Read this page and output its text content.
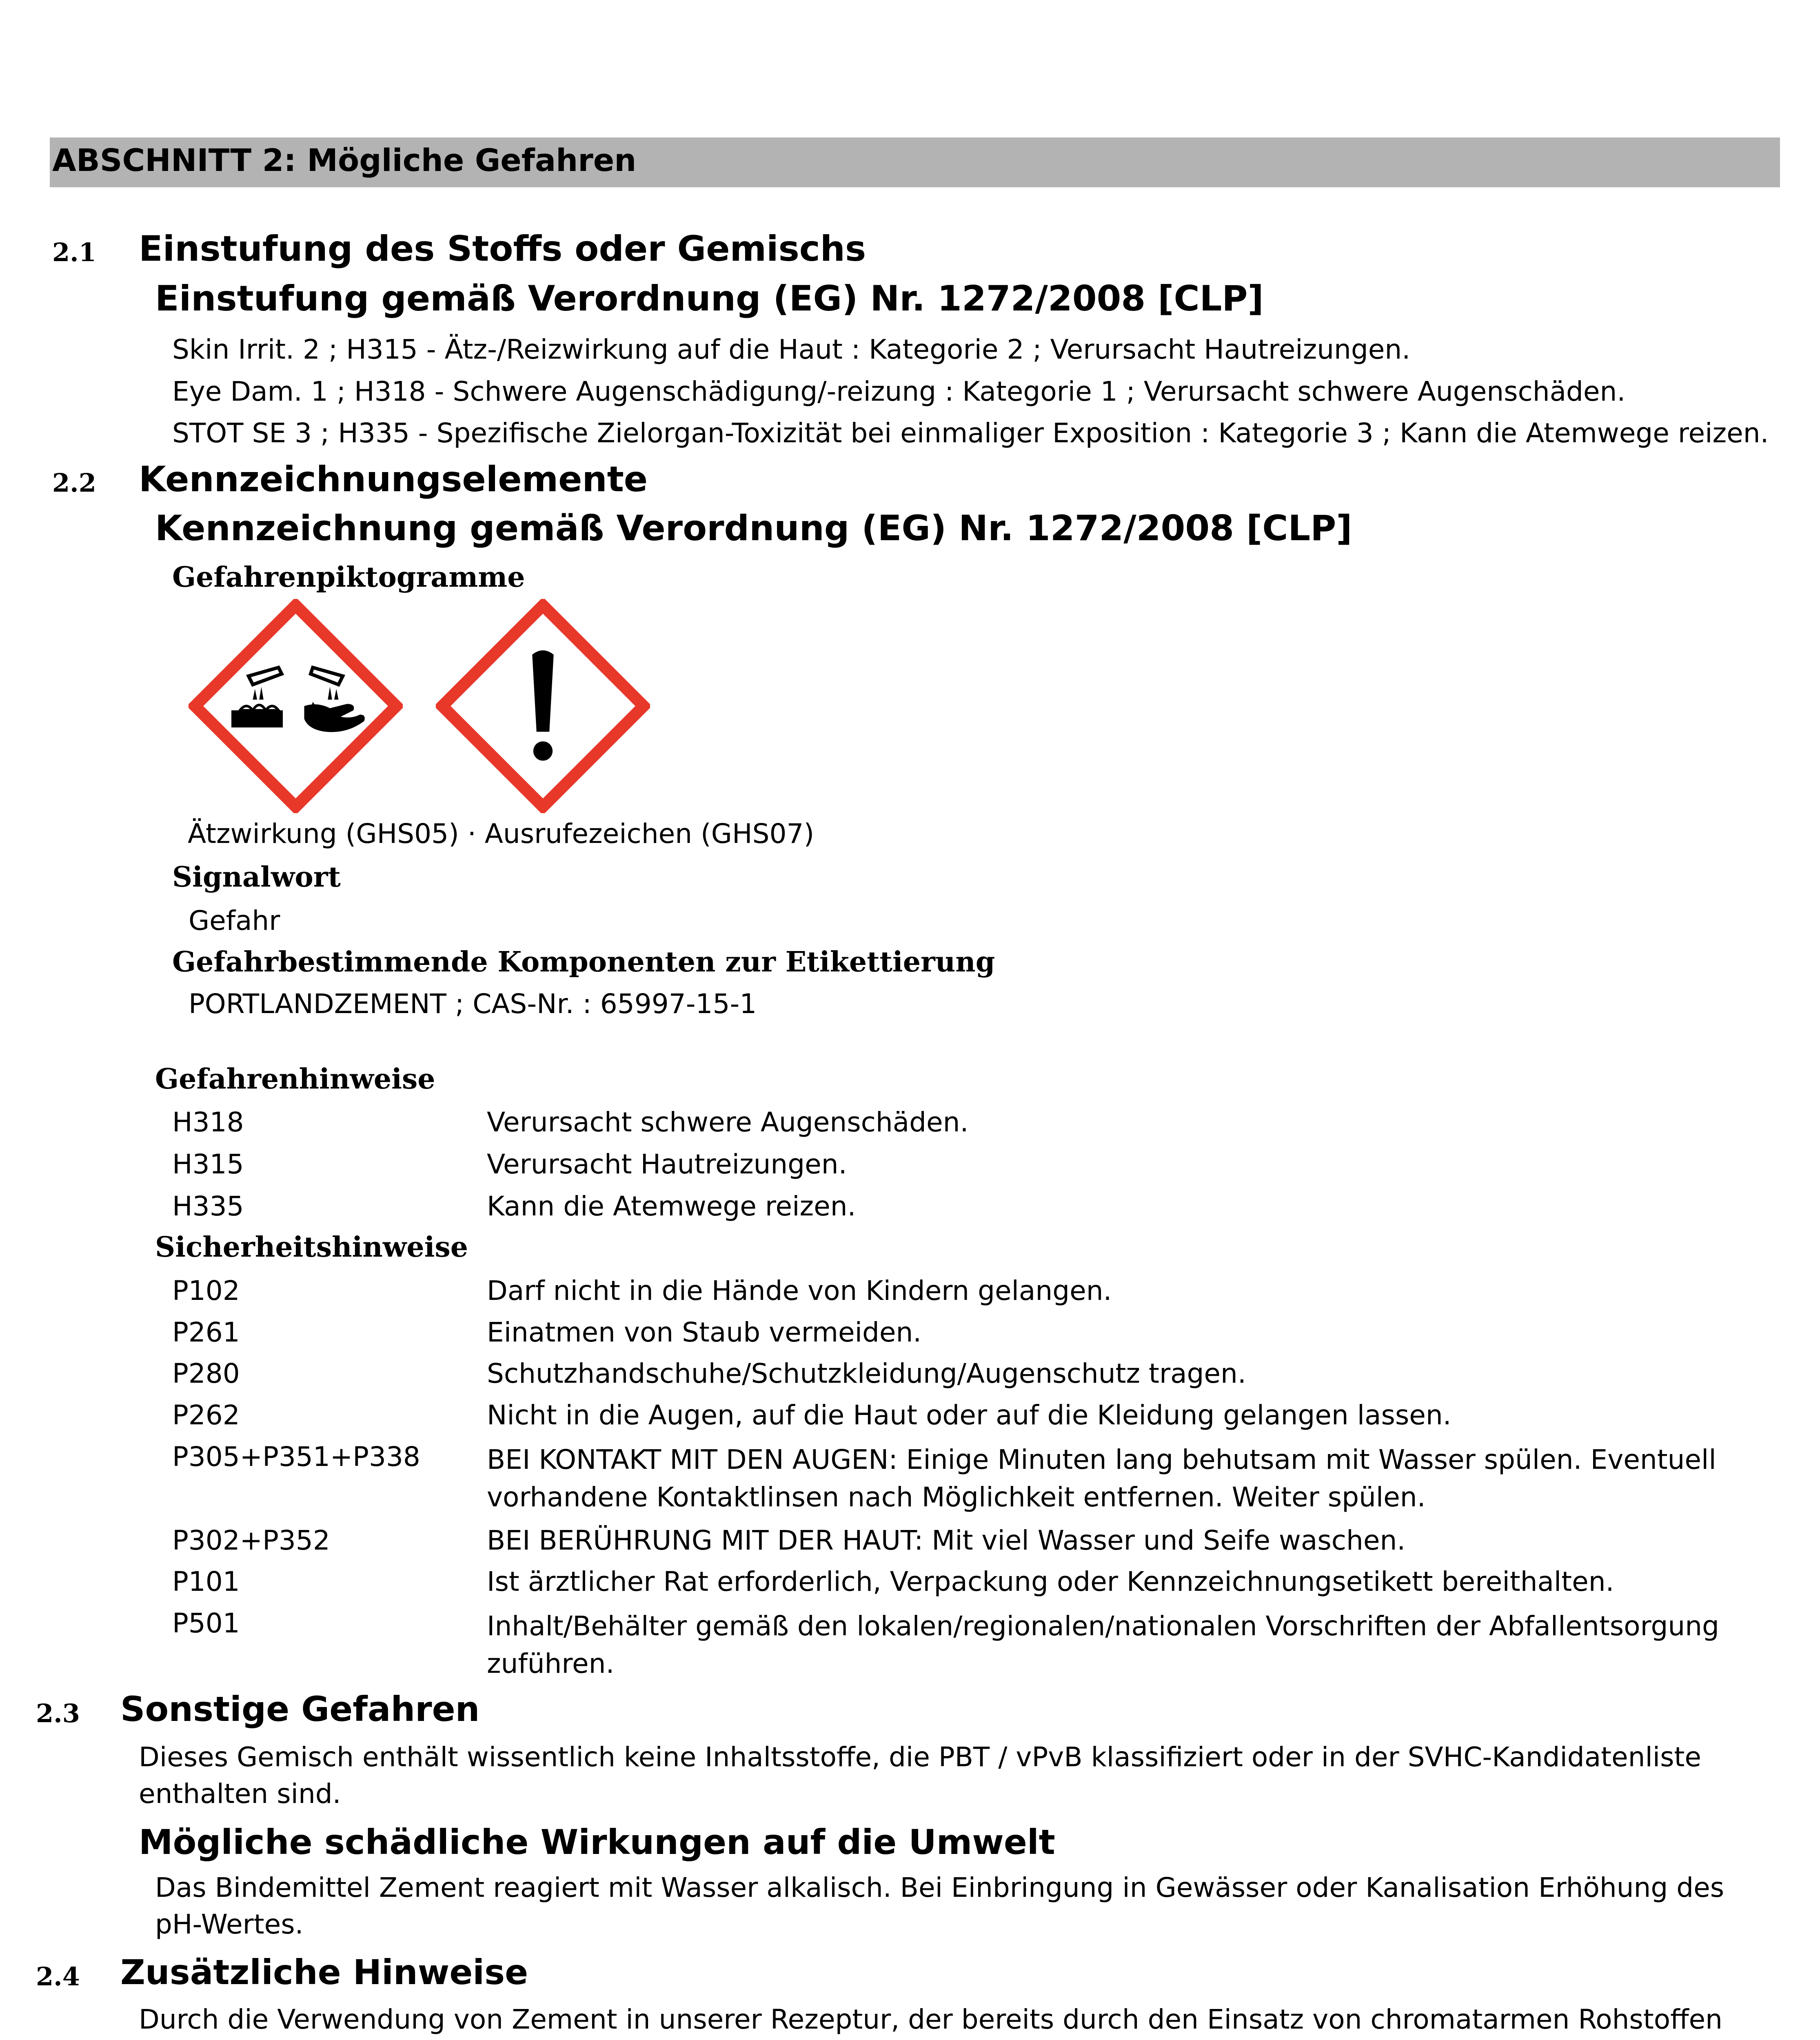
ABSCHNITT 2: Mögliche Gefahren
2.1 Einstufung des Stoffs oder Gemischs
Einstufung gemäß Verordnung (EG) Nr. 1272/2008 [CLP]
Skin Irrit. 2 ; H315 - Ätz-/Reizwirkung auf die Haut : Kategorie 2 ; Verursacht Hautreizungen.
Eye Dam. 1 ; H318 - Schwere Augenschädigung/-reizung : Kategorie 1 ; Verursacht schwere Augenschäden.
STOT SE 3 ; H335 - Spezifische Zielorgan-Toxizität bei einmaliger Exposition : Kategorie 3 ; Kann die Atemwege reizen.
2.2 Kennzeichnungselemente
Kennzeichnung gemäß Verordnung (EG) Nr. 1272/2008 [CLP]
Gefahrenpiktogramme
Ätzwirkung (GHS05) · Ausrufezeichen (GHS07)
Signalwort
Gefahr
Gefahrbestimmende Komponenten zur Etikettierung
PORTLANDZEMENT ; CAS-Nr. : 65997-15-1
Gefahrenhinweise
H318	Verursacht schwere Augenschäden.
H315	Verursacht Hautreizungen.
H335	Kann die Atemwege reizen.
Sicherheitshinweise
P102	Darf nicht in die Hände von Kindern gelangen.
P261	Einatmen von Staub vermeiden.
P280	Schutzhandschuhe/Schutzkleidung/Augenschutz tragen.
P262	Nicht in die Augen, auf die Haut oder auf die Kleidung gelangen lassen.
P305+P351+P338 BEI KONTAKT MIT DEN AUGEN: Einige Minuten lang behutsam mit Wasser spülen. Eventuell vorhandene Kontaktlinsen nach Möglichkeit entfernen. Weiter spülen.
P302+P352	BEI BERÜHRUNG MIT DER HAUT: Mit viel Wasser und Seife waschen.
P101	Ist ärztlicher Rat erforderlich, Verpackung oder Kennzeichnungsetikett bereithalten.
P501	Inhalt/Behälter gemäß den lokalen/regionalen/nationalen Vorschriften der Abfallentsorgung zuführen.
2.3 Sonstige Gefahren
Dieses Gemisch enthält wissentlich keine Inhaltsstoffe, die PBT / vPvB klassifiziert oder in der SVHC-Kandidatenliste enthalten sind.
Mögliche schädliche Wirkungen auf die Umwelt
Das Bindemittel Zement reagiert mit Wasser alkalisch. Bei Einbringung in Gewässer oder Kanalisation Erhöhung des pH-Wertes.
2.4 Zusätzliche Hinweise
Durch die Verwendung von Zement in unserer Rezeptur, der bereits durch den Einsatz von chromatarmen Rohstoffen
